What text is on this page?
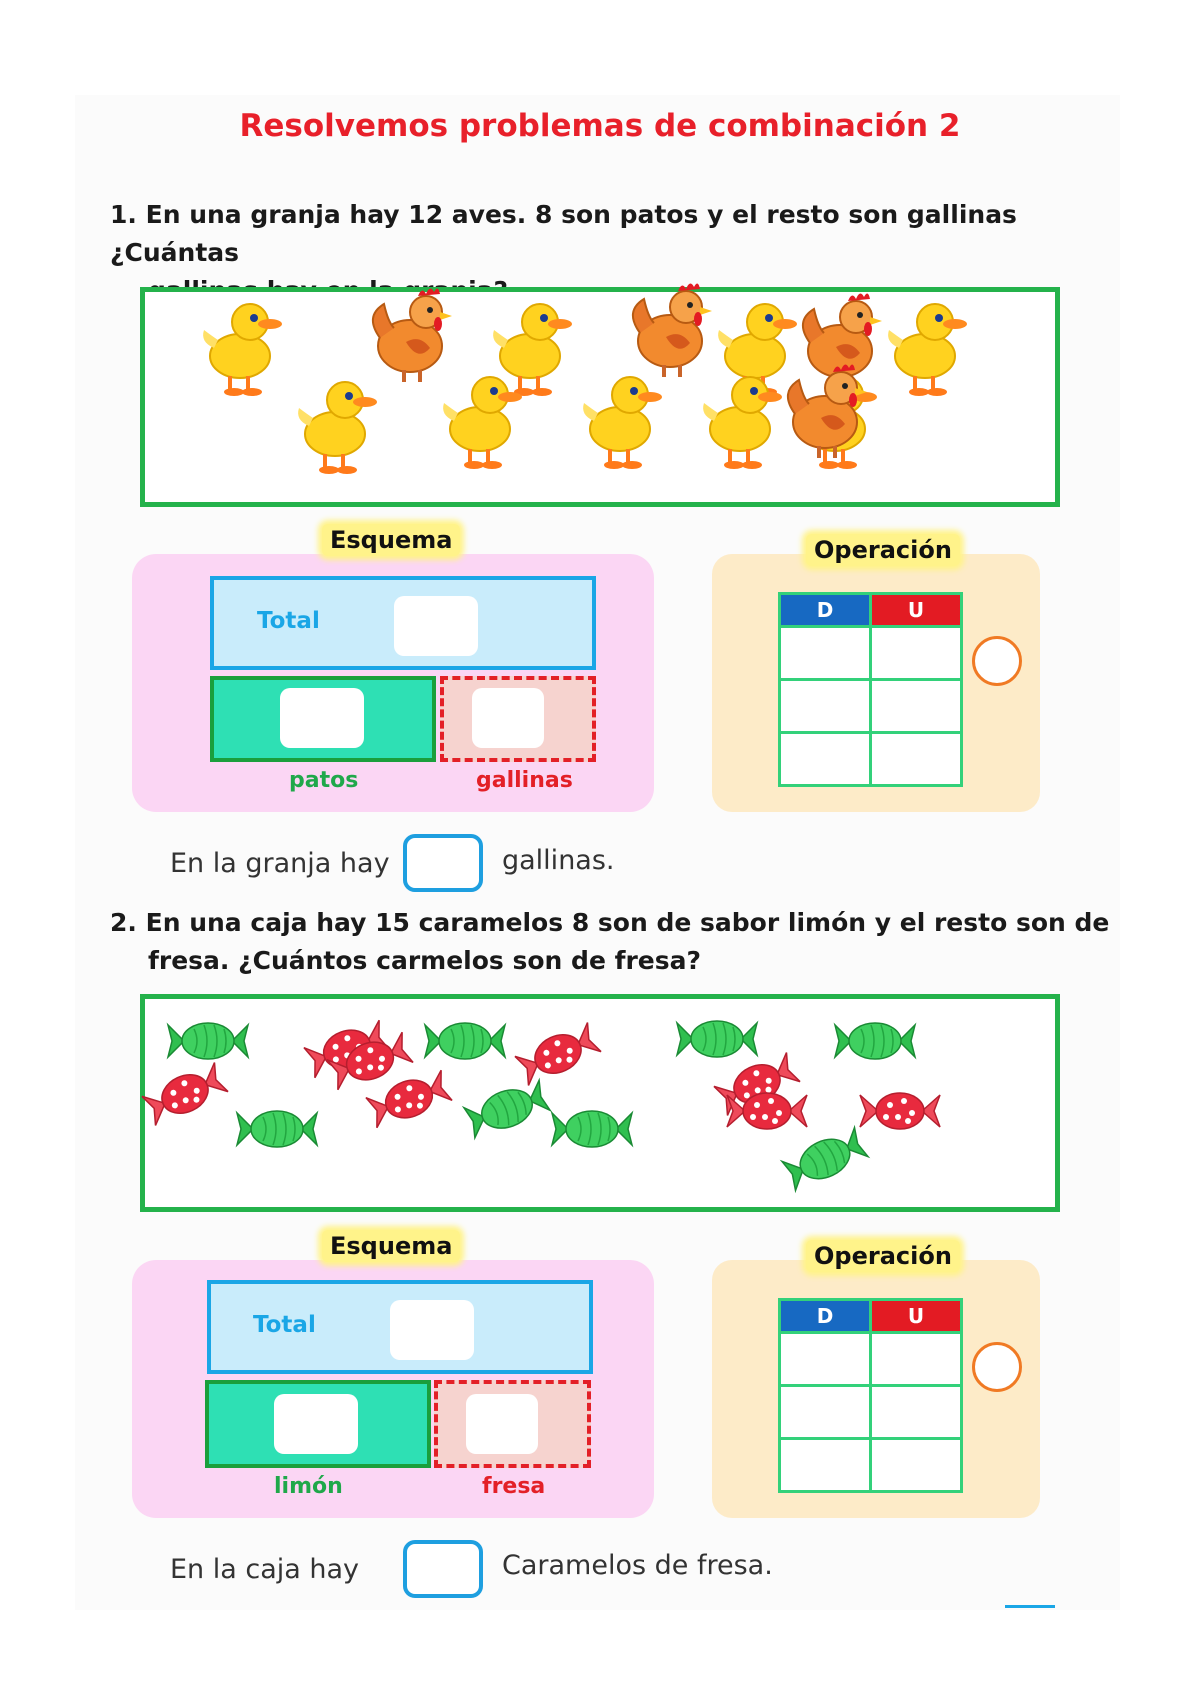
Resolvemos problemas de combinación 2
1. En una granja hay 12 aves. 8 son patos y el resto son gallinas ¿Cuántas
Esquema
Total
patos	gallinas
Operación
D	U

En la granja hay	gallinas.
2. En una caja hay 15 caramelos 8 son de sabor limón y el resto son de
fresa. ¿Cuántos carmelos son de fresa?
Esquema
Total
limón	fresa
Operación
D	U

En la caja hay	Caramelos de fresa.
